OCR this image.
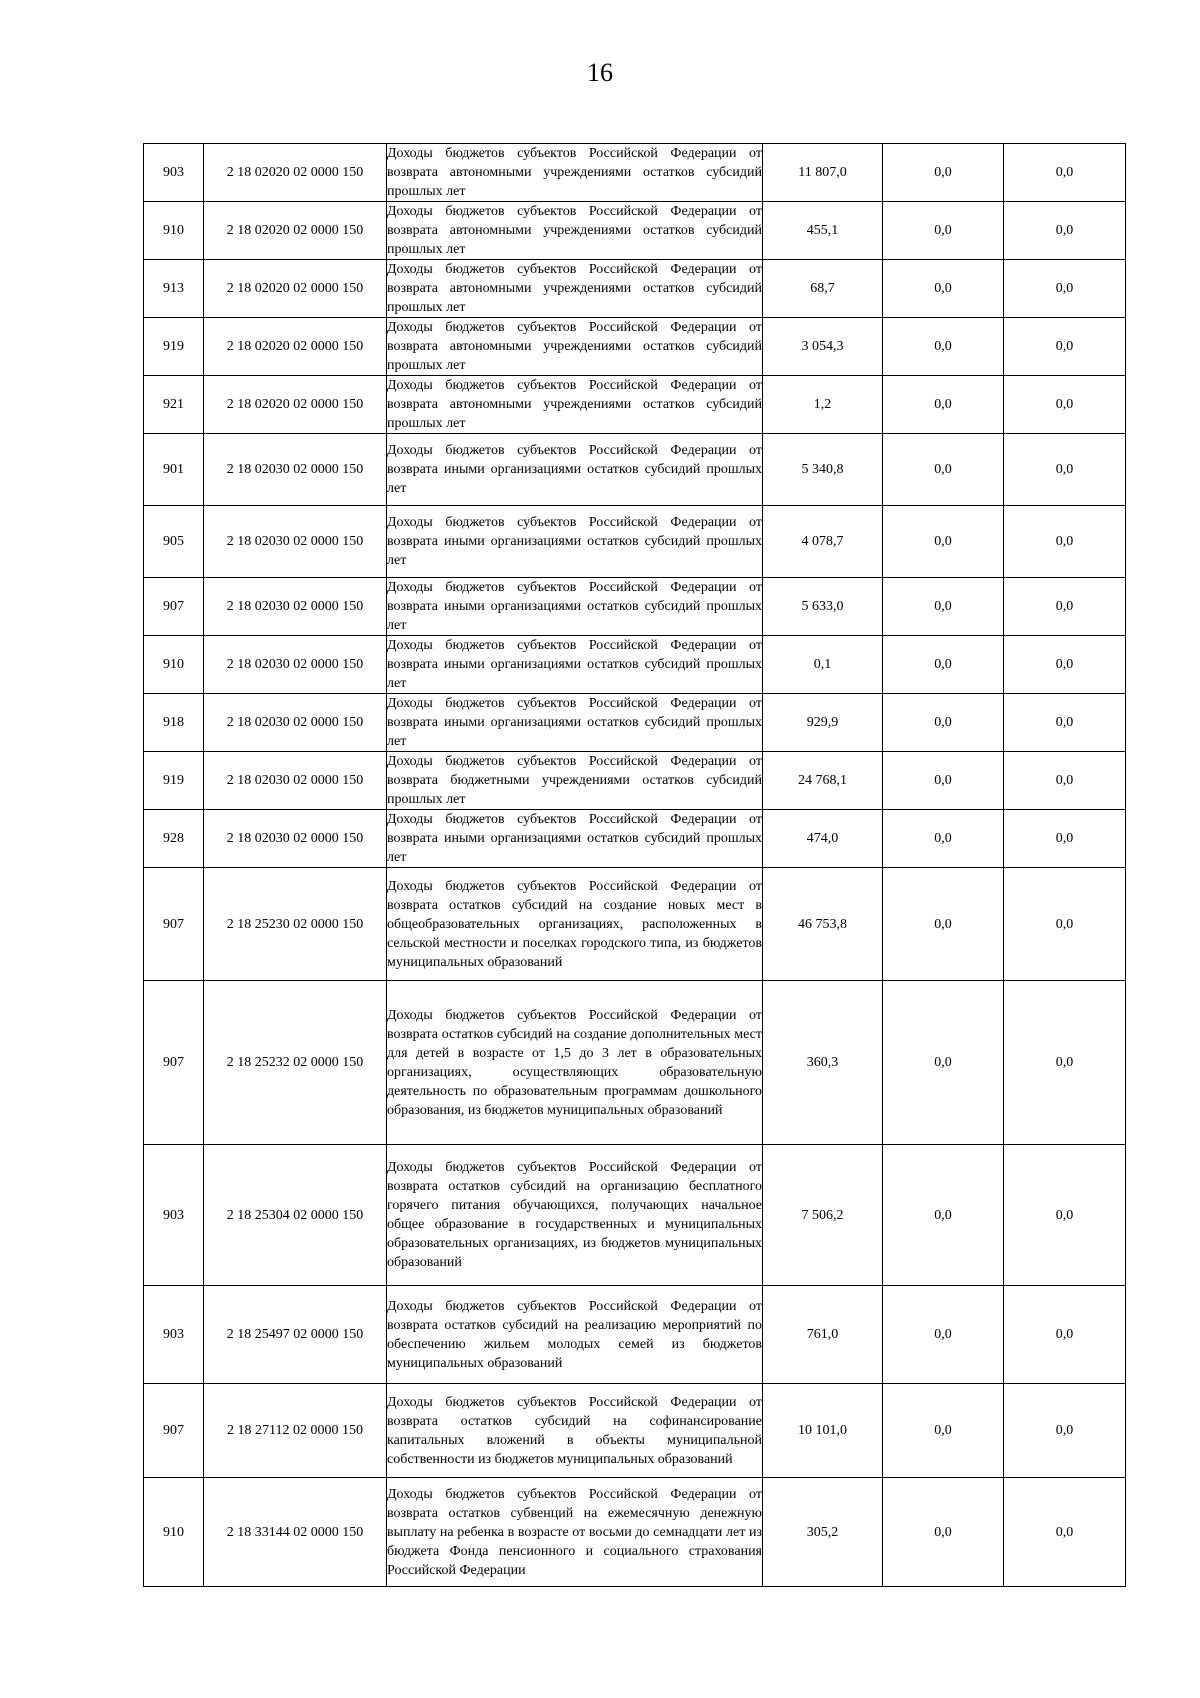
16
903	2 18 02020 02 0000 150	Доходы бюджетов субъектов Российской Федерации от возврата автономными учреждениями остатков субсидий прошлых лет	11 807,0	0,0	0,0
910	2 18 02020 02 0000 150	Доходы бюджетов субъектов Российской Федерации от возврата автономными учреждениями остатков субсидий прошлых лет	455,1	0,0	0,0
913	2 18 02020 02 0000 150	Доходы бюджетов субъектов Российской Федерации от возврата автономными учреждениями остатков субсидий прошлых лет	68,7	0,0	0,0
919	2 18 02020 02 0000 150	Доходы бюджетов субъектов Российской Федерации от возврата автономными учреждениями остатков субсидий прошлых лет	3 054,3	0,0	0,0
921	2 18 02020 02 0000 150	Доходы бюджетов субъектов Российской Федерации от возврата автономными учреждениями остатков субсидий прошлых лет	1,2	0,0	0,0
901	2 18 02030 02 0000 150	Доходы бюджетов субъектов Российской Федерации от возврата иными организациями остатков субсидий прошлых лет	5 340,8	0,0	0,0
905	2 18 02030 02 0000 150	Доходы бюджетов субъектов Российской Федерации от возврата иными организациями остатков субсидий прошлых лет	4 078,7	0,0	0,0
907	2 18 02030 02 0000 150	Доходы бюджетов субъектов Российской Федерации от возврата иными организациями остатков субсидий прошлых лет	5 633,0	0,0	0,0
910	2 18 02030 02 0000 150	Доходы бюджетов субъектов Российской Федерации от возврата иными организациями остатков субсидий прошлых лет	0,1	0,0	0,0
918	2 18 02030 02 0000 150	Доходы бюджетов субъектов Российской Федерации от возврата иными организациями остатков субсидий прошлых лет	929,9	0,0	0,0
919	2 18 02030 02 0000 150	Доходы бюджетов субъектов Российской Федерации от возврата бюджетными учреждениями остатков субсидий прошлых лет	24 768,1	0,0	0,0
928	2 18 02030 02 0000 150	Доходы бюджетов субъектов Российской Федерации от возврата иными организациями остатков субсидий прошлых лет	474,0	0,0	0,0
907	2 18 25230 02 0000 150	Доходы бюджетов субъектов Российской Федерации от возврата остатков субсидий на создание новых мест в общеобразовательных организациях, расположенных в сельской местности и поселках городского типа, из бюджетов муниципальных образований	46 753,8	0,0	0,0
907	2 18 25232 02 0000 150	Доходы бюджетов субъектов Российской Федерации от возврата остатков субсидий на создание дополнительных мест для детей в возрасте от 1,5 до 3 лет в образовательных организациях, осуществляющих образовательную деятельность по образовательным программам дошкольного образования, из бюджетов муниципальных образований	360,3	0,0	0,0
903	2 18 25304 02 0000 150	Доходы бюджетов субъектов Российской Федерации от возврата остатков субсидий на организацию бесплатного горячего питания обучающихся, получающих начальное общее образование в государственных и муниципальных образовательных организациях, из бюджетов муниципальных образований	7 506,2	0,0	0,0
903	2 18 25497 02 0000 150	Доходы бюджетов субъектов Российской Федерации от возврата остатков субсидий на реализацию мероприятий по обеспечению жильем молодых семей из бюджетов муниципальных образований	761,0	0,0	0,0
907	2 18 27112 02 0000 150	Доходы бюджетов субъектов Российской Федерации от возврата остатков субсидий на софинансирование капитальных вложений в объекты муниципальной собственности из бюджетов муниципальных образований	10 101,0	0,0	0,0
910	2 18 33144 02 0000 150	Доходы бюджетов субъектов Российской Федерации от возврата остатков субвенций на ежемесячную денежную выплату на ребенка в возрасте от восьми до семнадцати лет из бюджета Фонда пенсионного и социального страхования Российской Федерации	305,2	0,0	0,0
